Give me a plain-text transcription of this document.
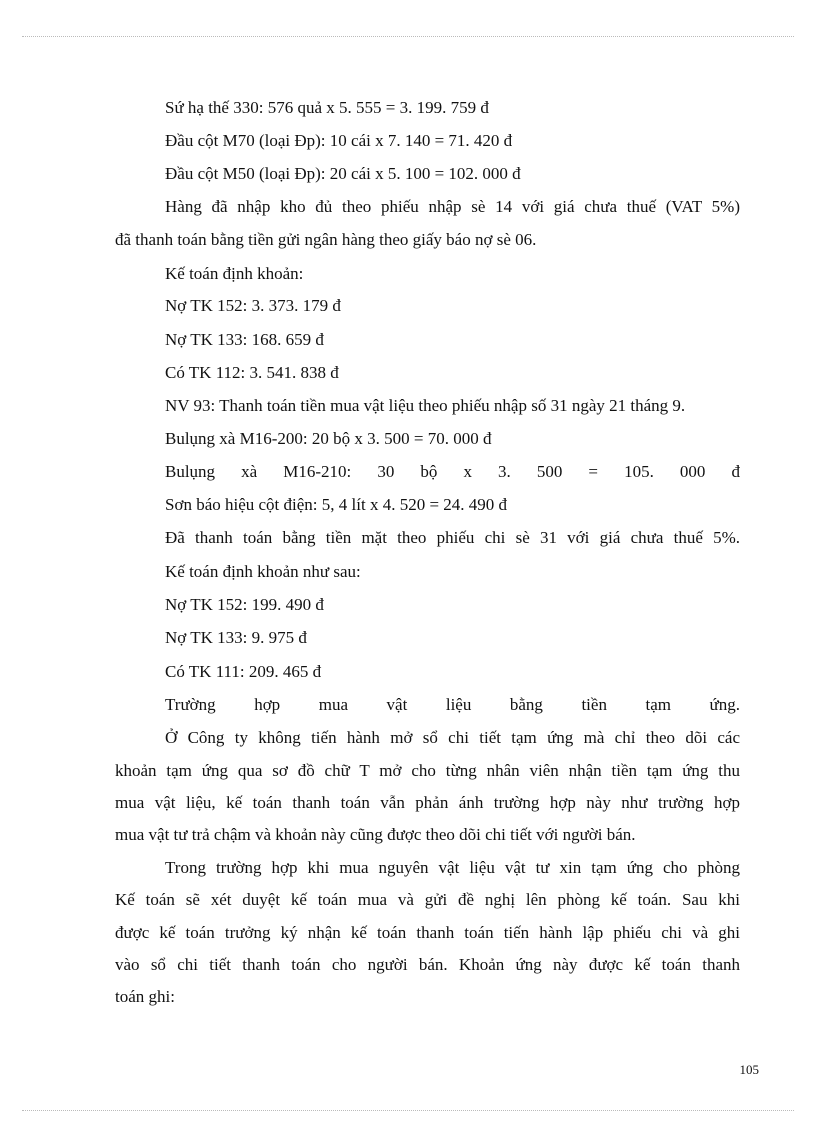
Sứ hạ thế 330: 576 quả x 5. 555 = 3. 199. 759 đ
Đầu cột M70 (loại Đp): 10 cái x 7. 140 = 71. 420 đ
Đầu cột M50 (loại Đp): 20 cái x 5. 100 = 102. 000 đ
Hàng đã nhập kho đủ theo phiếu nhập sè 14 với giá chưa thuế (VAT 5%)
đã thanh toán bằng tiền gửi ngân hàng theo giấy báo nợ sè 06.
Kế toán định khoản:
Nợ TK 152: 3. 373. 179 đ
Nợ TK 133: 168. 659 đ
Có TK 112: 3. 541. 838 đ
NV 93: Thanh toán tiền mua vật liệu theo phiếu nhập số 31 ngày 21 tháng 9.
Bulụng xà M16-200: 20 bộ x 3. 500 = 70. 000 đ
Bulụng xà M16-210: 30 bộ x 3. 500 = 105. 000 đ
Sơn báo hiệu cột điện: 5, 4 lít x 4. 520 = 24. 490 đ
Đã thanh toán bằng tiền mặt theo phiếu chi sè 31 với giá chưa thuế 5%.
Kế toán định khoản như sau:
Nợ TK 152: 199. 490 đ
Nợ TK 133: 9. 975 đ
Có TK 111: 209. 465 đ
Trường hợp mua vật liệu bằng tiền tạm ứng.
Ở Công ty không tiến hành mở sổ chi tiết tạm ứng mà chỉ theo dõi các
khoản tạm ứng qua sơ đồ chữ T mở cho từng nhân viên nhận tiền tạm ứng thu
mua vật liệu, kế toán thanh toán vẫn phản ánh trường hợp này như trường hợp
mua vật tư trả chậm và khoản này cũng được theo dõi chi tiết với người bán.
Trong trường hợp khi mua nguyên vật liệu vật tư xin tạm ứng cho phòng
Kế toán sẽ xét duyệt kế toán mua và gửi đề nghị lên phòng kế toán. Sau khi
được kế toán trưởng ký nhận kế toán thanh toán tiến hành lập phiếu chi và ghi
vào sổ chi tiết thanh toán cho người bán. Khoản ứng này được kế toán thanh
toán ghi:
105
